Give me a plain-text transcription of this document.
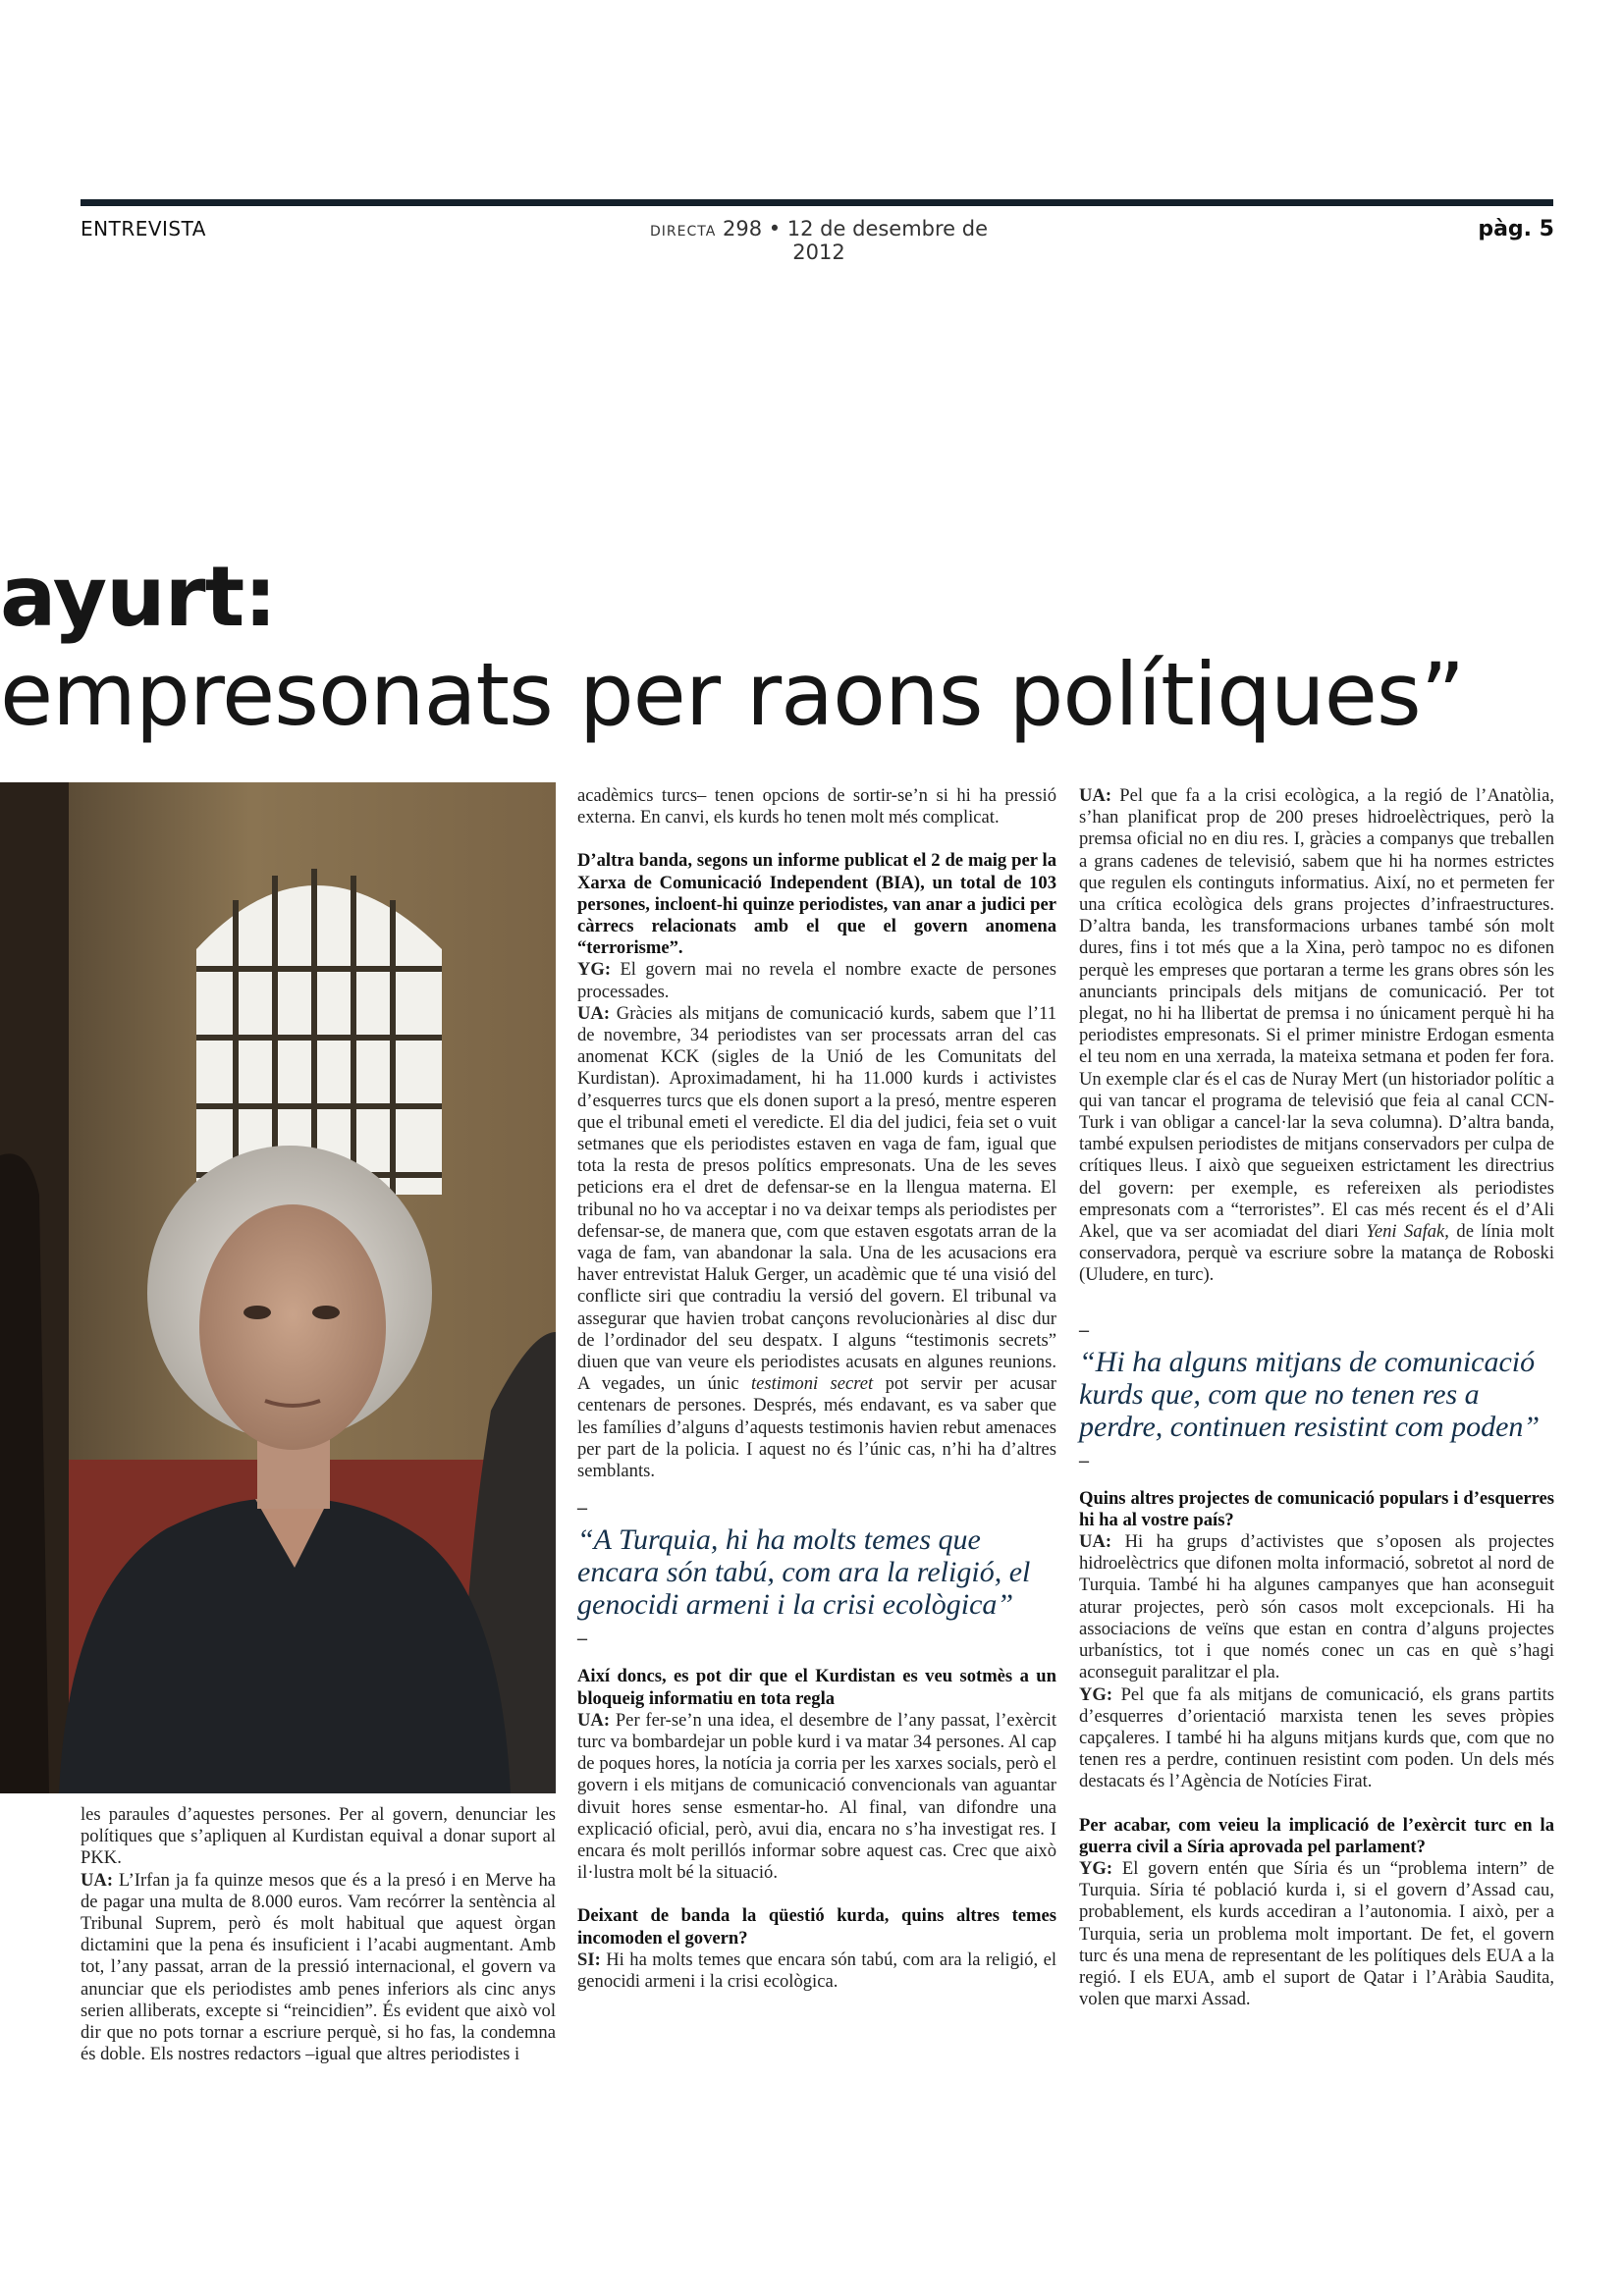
ENTREVISTA	DIRECTA 298 • 12 de desembre de 2012
pàg. 5
ayurt:
empresonats per raons polítiques”

les paraules d’aquestes persones. Per al govern, denunciar les polítiques que s’apliquen al Kurdistan equival a donar suport al PKK.

UA: L’Irfan ja fa quinze mesos que és a la presó i en Merve ha de pagar una multa de 8.000 euros. Vam recórrer la sentència al Tribunal Suprem, però és molt habitual que aquest òrgan dictamini que la pena és insuficient i l’acabi augmentant. Amb tot, l’any passat, arran de la pressió internacional, el govern va anunciar que els periodistes amb penes inferiors als cinc anys serien alliberats, excepte si “reincidien”. És evident que això vol dir que no pots tornar a escriure perquè, si ho fas, la condemna és doble. Els nostres redactors –igual que altres periodistes i

acadèmics turcs– tenen opcions de sortir-se’n si hi ha pressió externa. En canvi, els kurds ho tenen molt més complicat.

D’altra banda, segons un informe publicat el 2 de maig per la Xarxa de Comunicació Independent (BIA), un total de 103 persones, incloent-hi quinze periodistes, van anar a judici per càrrecs relacionats amb el que el govern anomena “terrorisme”.

YG: El govern mai no revela el nombre exacte de persones processades.

UA: Gràcies als mitjans de comunicació kurds, sabem que l’11 de novembre, 34 periodistes van ser processats arran del cas anomenat KCK (sigles de la Unió de les Comunitats del Kurdistan). Aproximadament, hi ha 11.000 kurds i activistes d’esquerres turcs que els donen suport a la presó, mentre esperen que el tribunal emeti el veredicte. El dia del judici, feia set o vuit setmanes que els periodistes estaven en vaga de fam, igual que tota la resta de presos polítics empresonats. Una de les seves peticions era el dret de defensar-se en la llengua materna. El tribunal no ho va acceptar i no va deixar temps als periodistes per defensar-se, de manera que, com que estaven esgotats arran de la vaga de fam, van abandonar la sala. Una de les acusacions era haver entrevistat Haluk Gerger, un acadèmic que té una visió del conflicte siri que contradiu la versió del govern. El tribunal va assegurar que havien trobat cançons revolucionàries al disc dur de l’ordinador del seu despatx. I alguns “testimonis secrets” diuen que van veure els periodistes acusats en algunes reunions. A vegades, un únic testimoni secret pot servir per acusar centenars de persones. Després, més endavant, es va saber que les famílies d’alguns d’aquests testimonis havien rebut amenaces per part de la policia. I aquest no és l’únic cas, n’hi ha d’altres semblants.

–
“A Turquia, hi ha molts temes que encara són tabú, com ara la religió, el genocidi armeni i la crisi ecològica”
–

Així doncs, es pot dir que el Kurdistan es veu sotmès a un bloqueig informatiu en tota regla

UA: Per fer-se’n una idea, el desembre de l’any passat, l’exèrcit turc va bombardejar un poble kurd i va matar 34 persones. Al cap de poques hores, la notícia ja corria per les xarxes socials, però el govern i els mitjans de comunicació convencionals van aguantar divuit hores sense esmentar-ho. Al final, van difondre una explicació oficial, però, avui dia, encara no s’ha investigat res. I encara és molt perillós informar sobre aquest cas. Crec que això il·lustra molt bé la situació.

Deixant de banda la qüestió kurda, quins altres temes incomoden el govern?

SI: Hi ha molts temes que encara són tabú, com ara la religió, el genocidi armeni i la crisi ecològica.

UA: Pel que fa a la crisi ecològica, a la regió de l’Anatòlia, s’han planificat prop de 200 preses hidroelèctriques, però la premsa oficial no en diu res. I, gràcies a companys que treballen a grans cadenes de televisió, sabem que hi ha normes estrictes que regulen els continguts informatius. Així, no et permeten fer una crítica ecològica dels grans projectes d’infraestructures. D’altra banda, les transformacions urbanes també són molt dures, fins i tot més que a la Xina, però tampoc no es difonen perquè les empreses que portaran a terme les grans obres són les anunciants principals dels mitjans de comunicació. Per tot plegat, no hi ha llibertat de premsa i no únicament perquè hi ha periodistes empresonats. Si el primer ministre Erdogan esmenta el teu nom en una xerrada, la mateixa setmana et poden fer fora. Un exemple clar és el cas de Nuray Mert (un historiador polític a qui van tancar el programa de televisió que feia al canal CCN-Turk i van obligar a cancel·lar la seva columna). D’altra banda, també expulsen periodistes de mitjans conservadors per culpa de crítiques lleus. I això que segueixen estrictament les directrius del govern: per exemple, es refereixen als periodistes empresonats com a “terroristes”. El cas més recent és el d’Ali Akel, que va ser acomiadat del diari Yeni Safak, de línia molt conservadora, perquè va escriure sobre la matança de Roboski (Uludere, en turc).

–
“Hi ha alguns mitjans de comunicació kurds que, com que no tenen res a perdre, continuen resistint com poden”
–

Quins altres projectes de comunicació populars i d’esquerres hi ha al vostre país?

UA: Hi ha grups d’activistes que s’oposen als projectes hidroelèctrics que difonen molta informació, sobretot al nord de Turquia. També hi ha algunes campanyes que han aconseguit aturar projectes, però són casos molt excepcionals. Hi ha associacions de veïns que estan en contra d’alguns projectes urbanístics, tot i que només conec un cas en què s’hagi aconseguit paralitzar el pla.

YG: Pel que fa als mitjans de comunicació, els grans partits d’esquerres d’orientació marxista tenen les seves pròpies capçaleres. I també hi ha alguns mitjans kurds que, com que no tenen res a perdre, continuen resistint com poden. Un dels més destacats és l’Agència de Notícies Firat.

Per acabar, com veieu la implicació de l’exèrcit turc en la guerra civil a Síria aprovada pel parlament?

YG: El govern entén que Síria és un “problema intern” de Turquia. Síria té població kurda i, si el govern d’Assad cau, probablement, els kurds accediran a l’autonomia. I això, per a Turquia, seria un problema molt important. De fet, el govern turc és una mena de representant de les polítiques dels EUA a la regió. I els EUA, amb el suport de Qatar i l’Aràbia Saudita, volen que marxi Assad.
